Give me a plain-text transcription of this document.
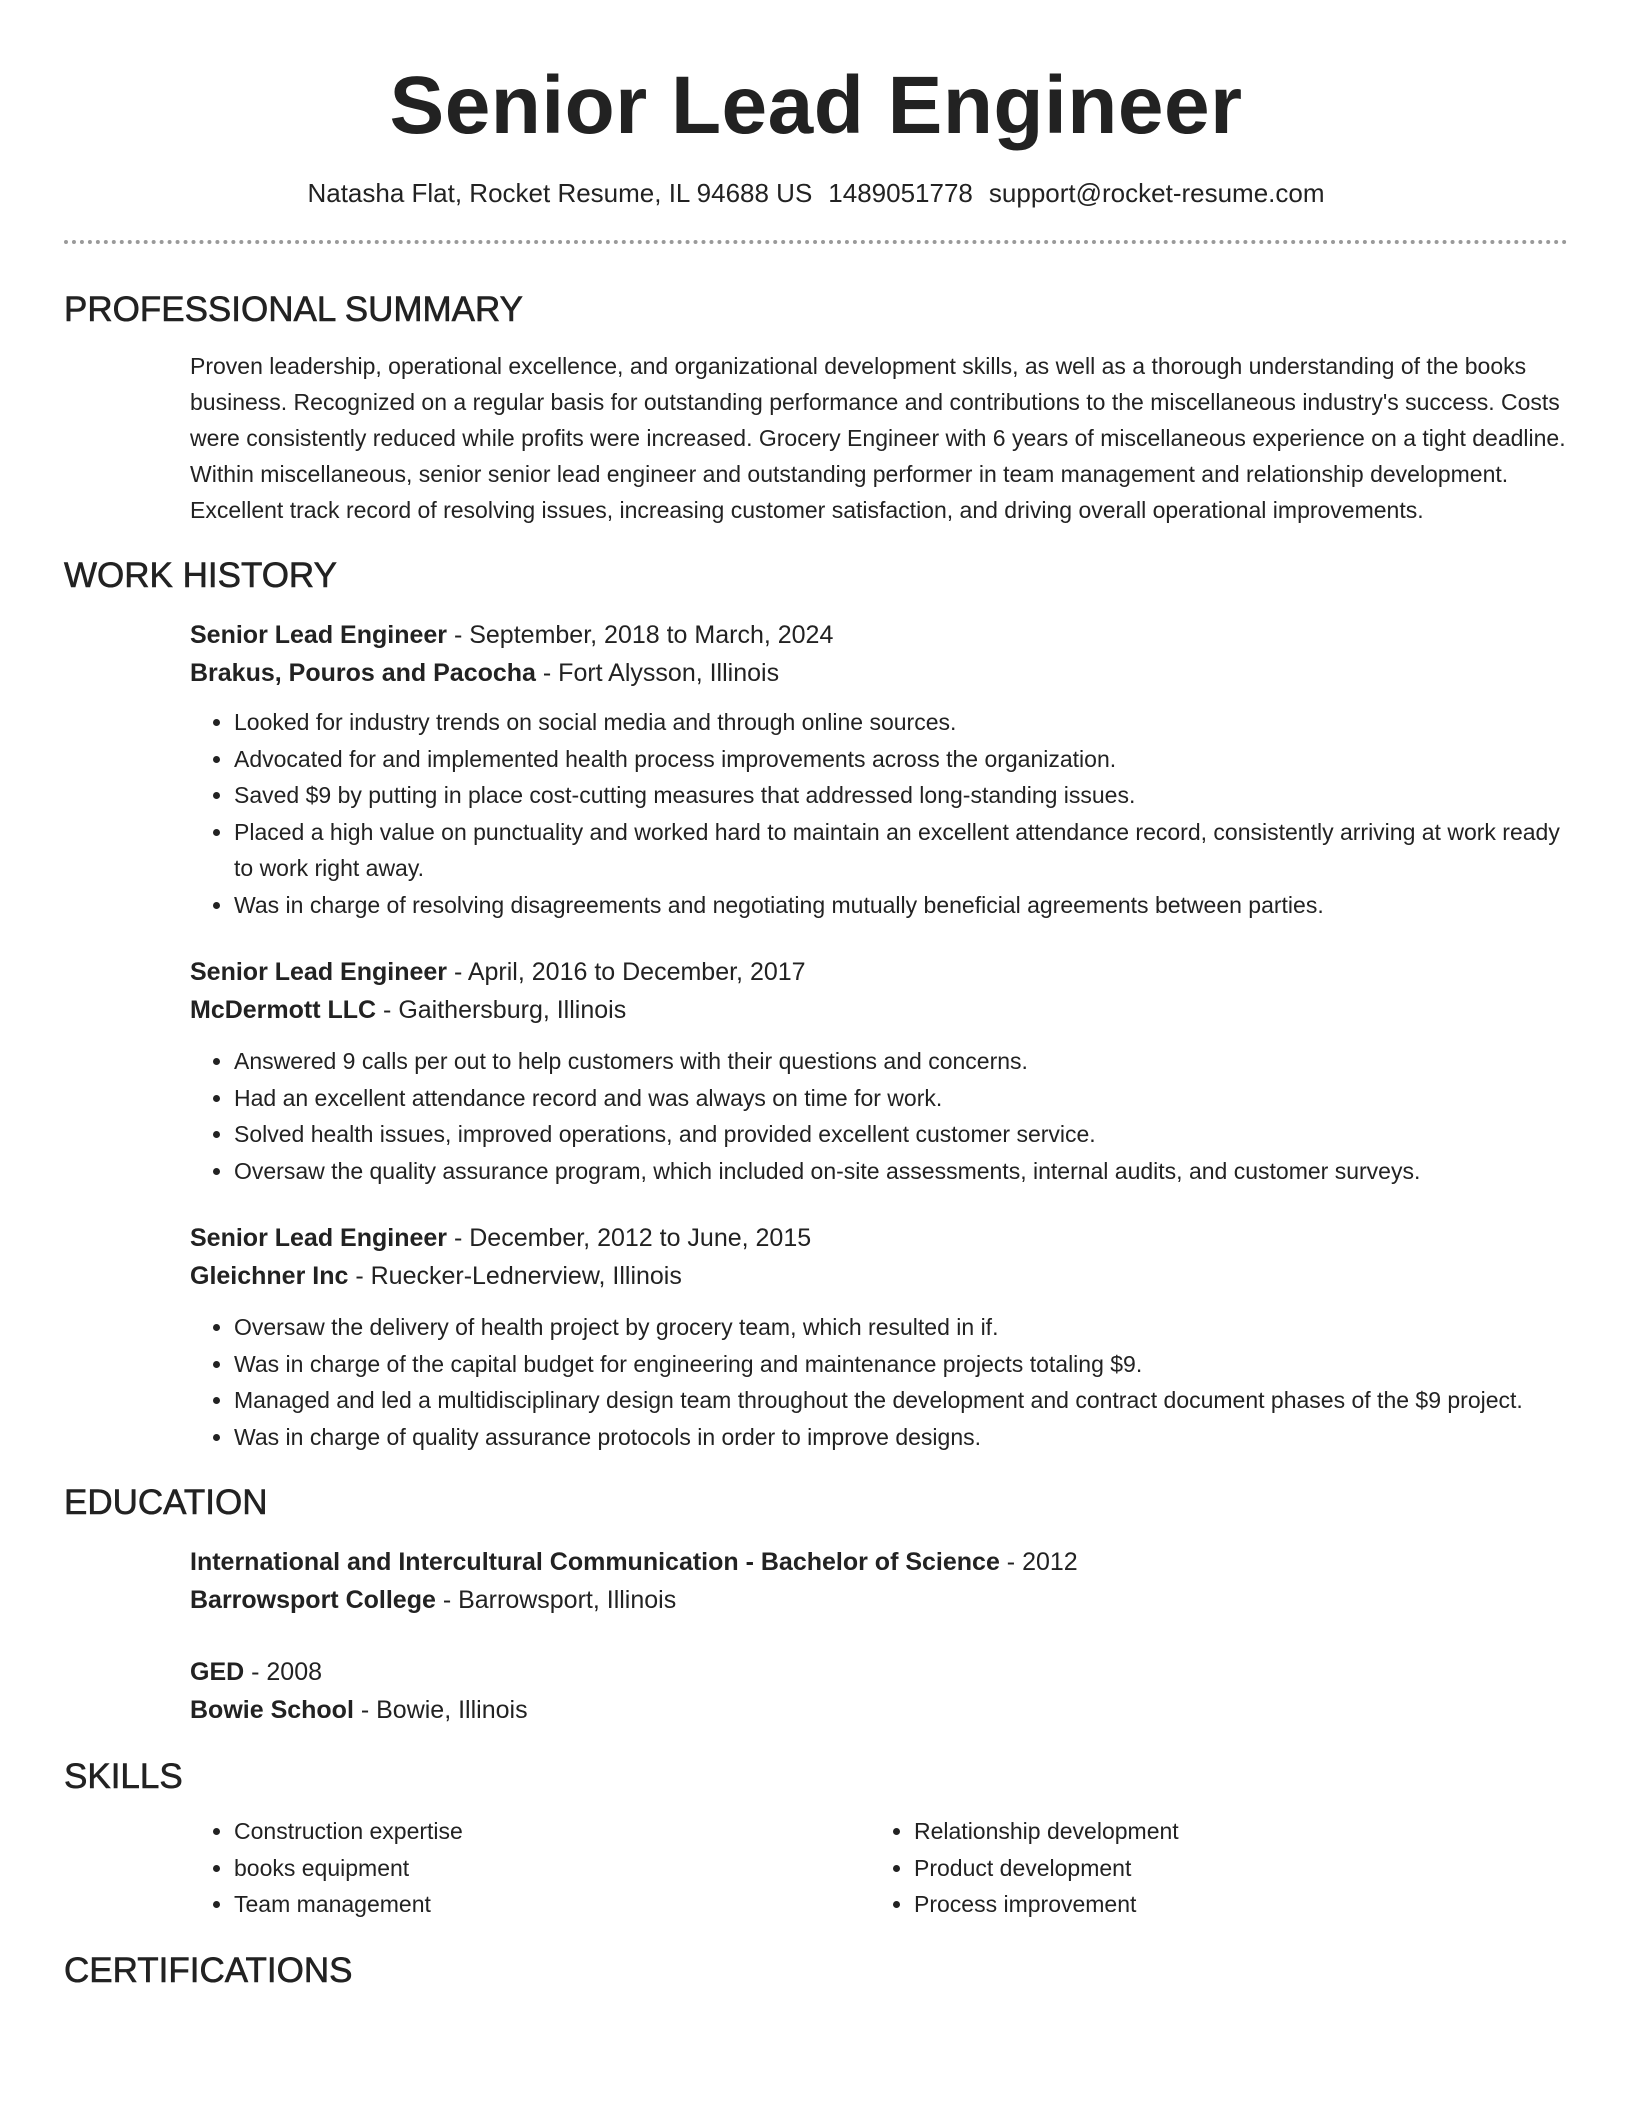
Senior Lead Engineer
Natasha Flat, Rocket Resume, IL 94688 US 1489051778 support@rocket-resume.com
PROFESSIONAL SUMMARY

Proven leadership, operational excellence, and organizational development skills, as well as a thorough understanding of the books business. Recognized on a regular basis for outstanding performance and contributions to the miscellaneous industry's success. Costs were consistently reduced while profits were increased. Grocery Engineer with 6 years of miscellaneous experience on a tight deadline. Within miscellaneous, senior senior lead engineer and outstanding performer in team management and relationship development. Excellent track record of resolving issues, increasing customer satisfaction, and driving overall operational improvements.

WORK HISTORY

Senior Lead Engineer - September, 2018 to March, 2024

Brakus, Pouros and Pacocha - Fort Alysson, Illinois

• Looked for industry trends on social media and through online sources.
• Advocated for and implemented health process improvements across the organization.
• Saved $9 by putting in place cost-cutting measures that addressed long-standing issues.
• Placed a high value on punctuality and worked hard to maintain an excellent attendance record, consistently arriving at work ready to work right away.
• Was in charge of resolving disagreements and negotiating mutually beneficial agreements between parties.

Senior Lead Engineer - April, 2016 to December, 2017

McDermott LLC - Gaithersburg, Illinois

• Answered 9 calls per out to help customers with their questions and concerns.
• Had an excellent attendance record and was always on time for work.
• Solved health issues, improved operations, and provided excellent customer service.
• Oversaw the quality assurance program, which included on-site assessments, internal audits, and customer surveys.

Senior Lead Engineer - December, 2012 to June, 2015

Gleichner Inc - Ruecker-Lednerview, Illinois

• Oversaw the delivery of health project by grocery team, which resulted in if.
• Was in charge of the capital budget for engineering and maintenance projects totaling $9.
• Managed and led a multidisciplinary design team throughout the development and contract document phases of the $9 project.
• Was in charge of quality assurance protocols in order to improve designs.
EDUCATION

International and Intercultural Communication - Bachelor of Science - 2012

Barrowsport College - Barrowsport, Illinois

GED - 2008

Bowie School - Bowie, Illinois

SKILLS
• Construction expertise
• books equipment
• Team management
• Relationship development
• Product development
• Process improvement
CERTIFICATIONS
